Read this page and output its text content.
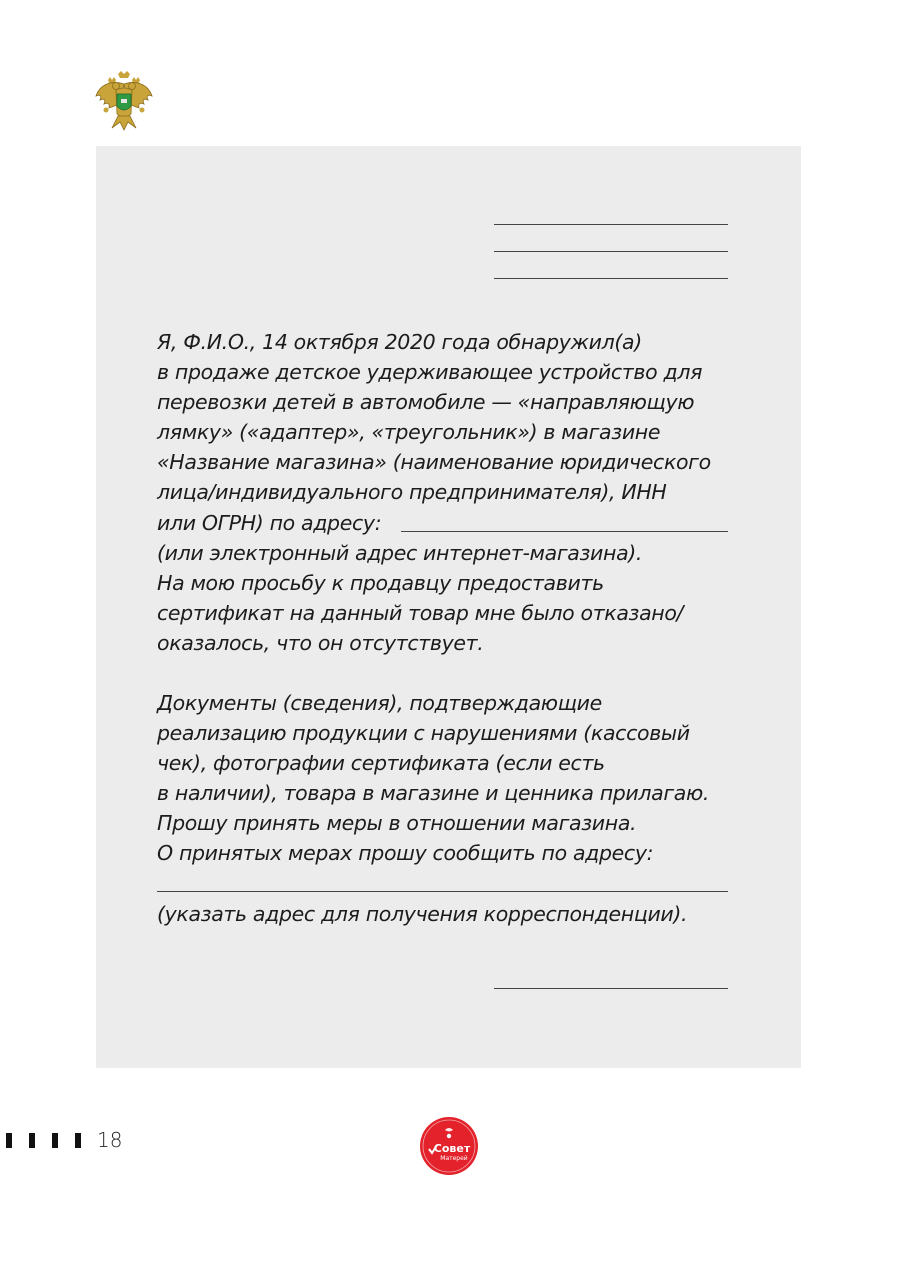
Я, Ф.И.О., 14 октября 2020 года обнаружил(а)
в продаже детское удерживающее устройство для
перевозки детей в автомобиле — «направляющую
лямку» («адаптер», «треугольник») в магазине
«Название магазина» (наименование юридического
лица/индивидуального предпринимателя), ИНН
или ОГРН) по адресу:
(или электронный адрес интернет-магазина).
На мою просьбу к продавцу предоставить
сертификат на данный товар мне было отказано/
оказалось, что он отсутствует.
Документы (сведения), подтверждающие
реализацию продукции с нарушениями (кассовый
чек), фотографии сертификата (если есть
в наличии), товара в магазине и ценника прилагаю.
Прошу принять меры в отношении магазина.
О принятых мерах прошу сообщить по адресу:
(указать адрес для получения корреспонденции).
18	Совет
Матерей
